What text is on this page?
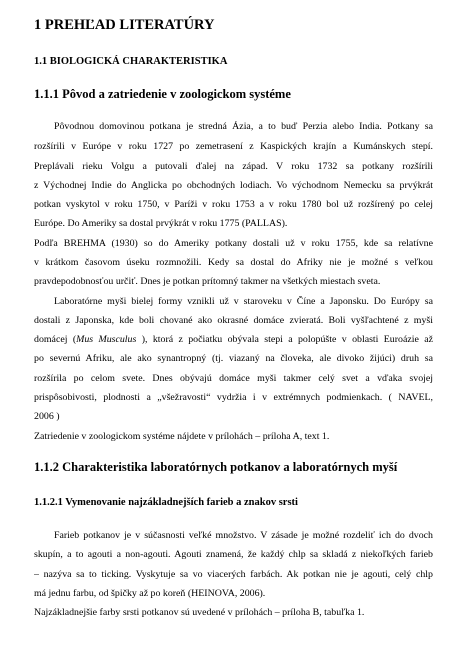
1 PREHĽAD LITERATÚRY
1.1 BIOLOGICKÁ CHARAKTERISTIKA
1.1.1 Pôvod a zatriedenie v zoologickom systéme
Pôvodnou domovinou potkana je stredná Ázia, a to buď Perzia alebo India. Potkany sa
rozšírili v Európe v roku 1727 po zemetrasení z Kaspických krajín a Kumánskych stepí.
Preplávali rieku Volgu a putovali ďalej na západ. V roku 1732 sa potkany rozšírili
z Východnej Indie do Anglicka po obchodných lodiach. Vo východnom Nemecku sa prvýkrát
potkan vyskytol v roku 1750, v Paríži v roku 1753 a v roku 1780 bol už rozšírený po celej
Európe. Do Ameriky sa dostal prvýkrát v roku 1775 (PALLAS).
Podľa BREHMA (1930) so do Ameriky potkany dostali už v roku 1755, kde sa relatívne
v krátkom časovom úseku rozmnožili. Kedy sa dostal do Afriky nie je možné s veľkou
pravdepodobnosťou určiť. Dnes je potkan prítomný takmer na všetkých miestach sveta.
Laboratórne myši bielej formy vznikli už v staroveku v Číne a Japonsku. Do Európy sa
dostali z Japonska, kde boli chované ako okrasné domáce zvieratá. Boli vyšľachtené z myši
domácej (Mus Musculus ), ktorá z počiatku obývala stepi a polopúšte v oblasti Euroázie až
po severnú Afriku, ale ako synantropný (tj. viazaný na človeka, ale divoko žijúci) druh sa
rozšírila po celom svete. Dnes obývajú domáce myši takmer celý svet a vďaka svojej
prispôsobivosti, plodnosti a „všežravosti“ vydržia i v extrémnych podmienkach. ( NAVEL,
2006 )
Zatriedenie v zoologickom systéme nájdete v prílohách – príloha A, text 1.
1.1.2 Charakteristika laboratórnych potkanov a laboratórnych myší
1.1.2.1 Vymenovanie najzákladnejších farieb a znakov srsti
Farieb potkanov je v súčasnosti veľké množstvo. V zásade je možné rozdeliť ich do dvoch
skupín, a to agouti a non-agouti. Agouti znamená, že každý chlp sa skladá z niekoľkých farieb
– nazýva sa to ticking. Vyskytuje sa vo viacerých farbách. Ak potkan nie je agouti, celý chlp
má jednu farbu, od špičky až po koreň (HEINOVA, 2006).
Najzákladnejšie farby srsti potkanov sú uvedené v prílohách – príloha B, tabuľka 1.
